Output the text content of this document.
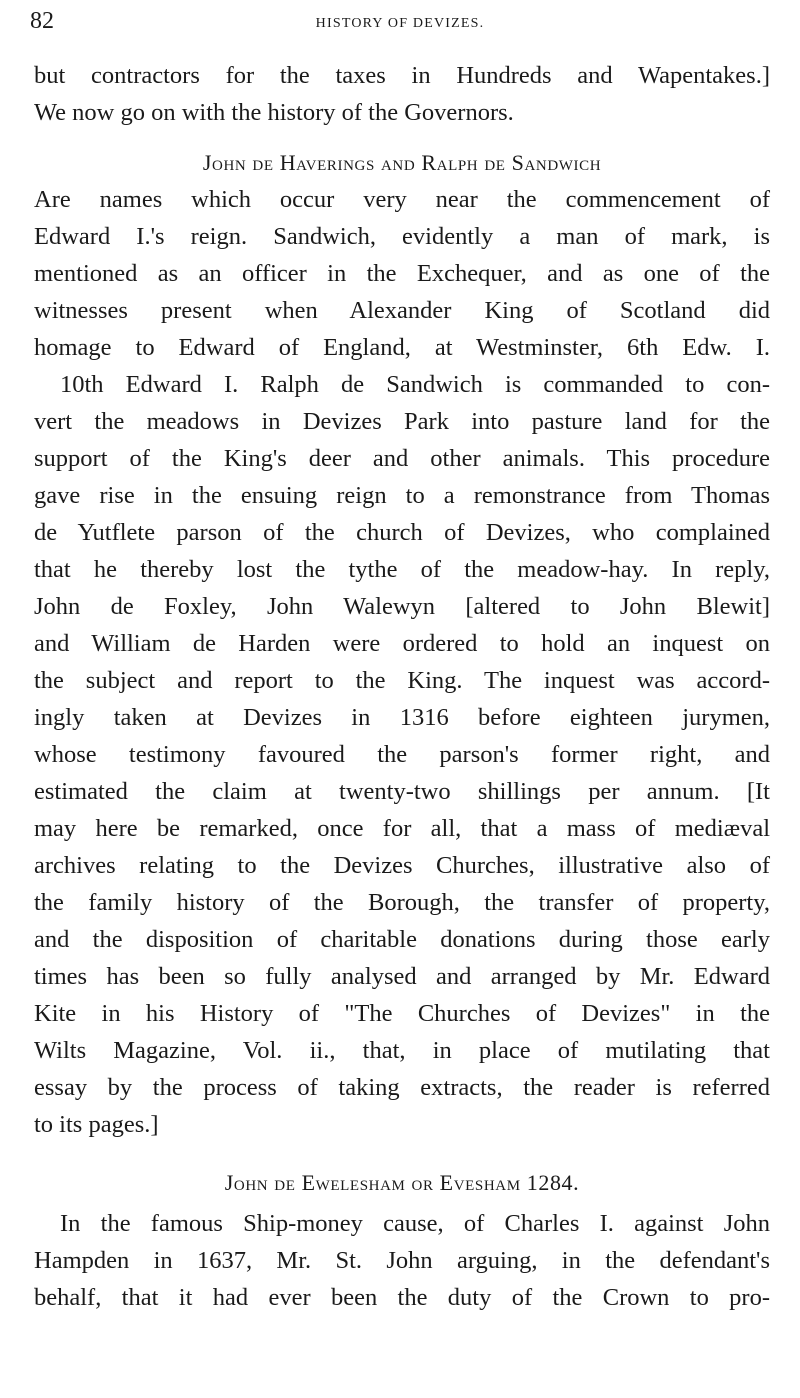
82	HISTORY OF DEVIZES.
but contractors for the taxes in Hundreds and Wapentakes.]
We now go on with the history of the Governors.
John de Haverings and Ralph de Sandwich
Are names which occur very near the commencement of
Edward I.'s reign. Sandwich, evidently a man of mark, is
mentioned as an officer in the Exchequer, and as one of the
witnesses present when Alexander King of Scotland did
homage to Edward of England, at Westminster, 6th Edw. I.
10th Edward I. Ralph de Sandwich is commanded to con-
vert the meadows in Devizes Park into pasture land for the
support of the King's deer and other animals. This procedure
gave rise in the ensuing reign to a remonstrance from Thomas
de Yutflete parson of the church of Devizes, who complained
that he thereby lost the tythe of the meadow-hay. In reply,
John de Foxley, John Walewyn [altered to John Blewit]
and William de Harden were ordered to hold an inquest on
the subject and report to the King. The inquest was accord-
ingly taken at Devizes in 1316 before eighteen jurymen,
whose testimony favoured the parson's former right, and
estimated the claim at twenty-two shillings per annum. [It
may here be remarked, once for all, that a mass of mediæval
archives relating to the Devizes Churches, illustrative also of
the family history of the Borough, the transfer of property,
and the disposition of charitable donations during those early
times has been so fully analysed and arranged by Mr. Edward
Kite in his History of "The Churches of Devizes" in the
Wilts Magazine, Vol. ii., that, in place of mutilating that
essay by the process of taking extracts, the reader is referred
to its pages.]
John de Ewelesham or Evesham 1284.
In the famous Ship-money cause, of Charles I. against John
Hampden in 1637, Mr. St. John arguing, in the defendant's
behalf, that it had ever been the duty of the Crown to pro-
